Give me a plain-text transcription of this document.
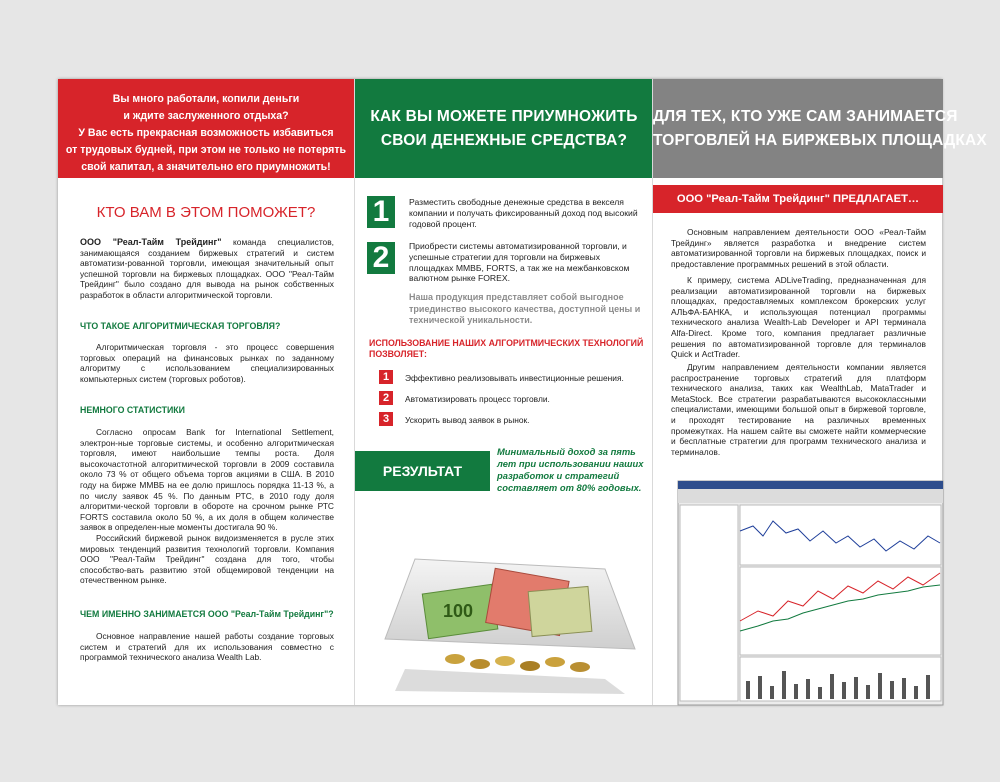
Вы много работали, копили деньги
и ждите заслуженного отдыха?
У Вас есть прекрасная возможность избавиться
от трудовых будней, при этом не только не потерять
свой капитал, а значительно его приумножить!
КТО ВАМ В ЭТОМ ПОМОЖЕТ?

ООО "Реал-Тайм Трейдинг" команда специалистов, занимающаяся созданием биржевых стратегий и систем автоматизи-рованной торговли, имеющая значительный опыт успешной торговли на биржевых площадках. ООО "Реал-Тайм Трейдинг" было создано для вывода на рынок собственных разработок в области алгоритмической торговли.

ЧТО ТАКОЕ АЛГОРИТМИЧЕСКАЯ ТОРГОВЛЯ?

Алгоритмическая торговля - это процесс совершения торговых операций на финансовых рынках по заданному алгоритму с использованием специализированных компьютерных систем (торговых роботов).

НЕМНОГО СТАТИСТИКИ

Согласно опросам Bank for International Settlement, электрон-ные торговые системы, и особенно алгоритмическая торговля, имеют наибольшие темпы роста. Доля высокочастотной алгоритмической торговли в 2009 составила около 73 % от общего объема торгов акциями в США. В 2010 году на бирже ММВБ на ее долю пришлось порядка 11-13 %, а по числу заявок 45 %. По данным РТС, в 2010 году доля алгоритми-ческой торговли в обороте на срочном рынке РТС FORTS составила около 50 %, а их доля в общем количестве заявок в определен-ные моменты достигала 90 %.

Российский биржевой рынок видоизменяется в русле этих мировых тенденций развития технологий торговли. Компания ООО "Реал-Тайм Трейдинг" создана для того, чтобы способство-вать развитию этой общемировой тенденции на отечественном рынке.

ЧЕМ ИМЕННО ЗАНИМАЕТСЯ ООО "Реал-Тайм Трейдинг"?

Основное направление нашей работы создание торговых систем и стратегий для их использования совместно с программой технического анализа Wealth Lab.

КАК ВЫ МОЖЕТЕ ПРИУМНОЖИТЬ
СВОИ ДЕНЕЖНЫЕ СРЕДСТВА?
1	Разместить свободные денежные средства в векселя компании и получать фиксированный доход под высокий годовой процент.
2	Приобрести системы автоматизированной торговли, и успешные стратегии для торговли на биржевых площадках ММВБ, FORTS, а так же на межбанковском валютном рынке FOREX.
Наша продукция представляет собой выгодное триединство высокого качества, доступной цены и технической уникальности.
ИСПОЛЬЗОВАНИЕ НАШИХ АЛГОРИТМИЧЕСКИХ ТЕХНОЛОГИЙ ПОЗВОЛЯЕТ:
1	Эффективно реализовывать инвестиционные решения.
2	Автоматизировать процесс торговли.
3	Ускорить вывод заявок в рынок.
РЕЗУЛЬТАТ
Минимальный доход за пять лет при использовании наших разработок и стратегий составляет от 80% годовых.
100
ДЛЯ ТЕХ, КТО УЖЕ САМ ЗАНИМАЕТСЯ
ТОРГОВЛЕЙ НА БИРЖЕВЫХ ПЛОЩАДКАХ
ООО "Реал-Тайм Трейдинг" ПРЕДЛАГАЕТ…

Основным направлением деятельности ООО «Реал-Тайм Трейдинг» является разработка и внедрение систем автоматизированной торговли на биржевых площадках, поиск и предоставление программных решений в этой области.

К примеру, система ADLiveTrading, предназначенная для реализации автоматизированной торговли на биржевых площадках, предоставляемых комплексом брокерских услуг АЛЬФА-БАНКА, и использующая потенциал программы технического анализа Wealth-Lab Developer и API терминала Alfa-Direct. Кроме того, компания предлагает различные решения по автоматизированной торговле для терминалов Quick и ActTrader.

Другим направлением деятельности компании является распространение торговых стратегий для платформ технического анализа, таких как WealthLab, MataTrader и MetaStock. Все стратегии разрабатываются высококлассными специалистами, имеющими большой опыт в биржевой торговле, и проходят тестирование на различных временных промежутках. На нашем сайте вы сможете найти коммерческие и бесплатные стратегии для программ технического анализа и терминалов.
